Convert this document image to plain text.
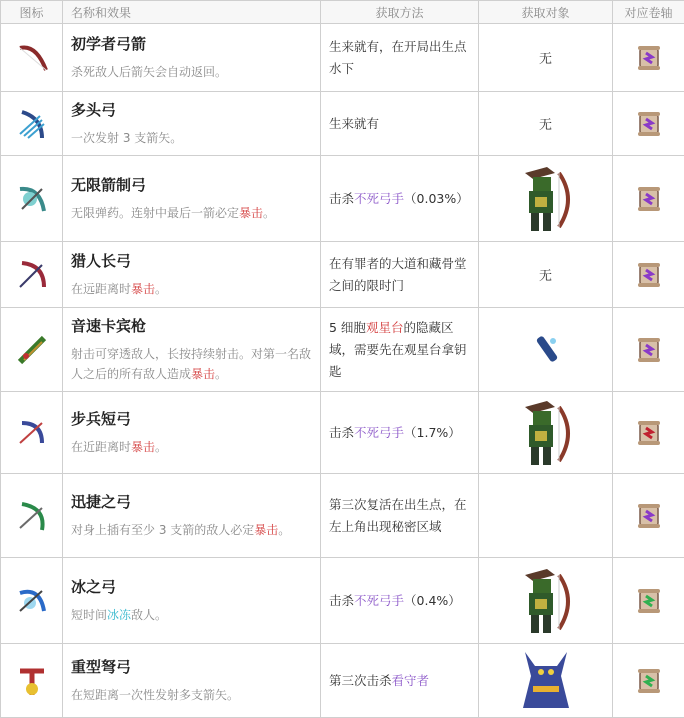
图标	名称和效果	获取方法	获取对象	对应卷轴

初学者弓箭
杀死敌人后箭矢会自动返回。	生来就有，在开局出生点水下	无	

多头弓
一次发射 3 支箭矢。	生来就有	无	

无限箭制弓
无限弹药。连射中最后一箭必定暴击。	击杀不死弓手（0.03%）		

猎人长弓
在远距离时暴击。	在有罪者的大道和藏骨堂之间的限时门	无	

音速卡宾枪
射击可穿透敌人，长按持续射击。对第一名敌人之后的所有敌人造成暴击。	5 细胞观星台的隐藏区域，需要先在观星台拿钥匙		

步兵短弓
在近距离时暴击。	击杀不死弓手（1.7%）		

迅捷之弓
对身上插有至少 3 支箭的敌人必定暴击。	第三次复活在出生点，在左上角出现秘密区域		

冰之弓
短时间冰冻敌人。	击杀不死弓手（0.4%）		

重型弩弓
在短距离一次性发射多支箭矢。	第三次击杀看守者		
